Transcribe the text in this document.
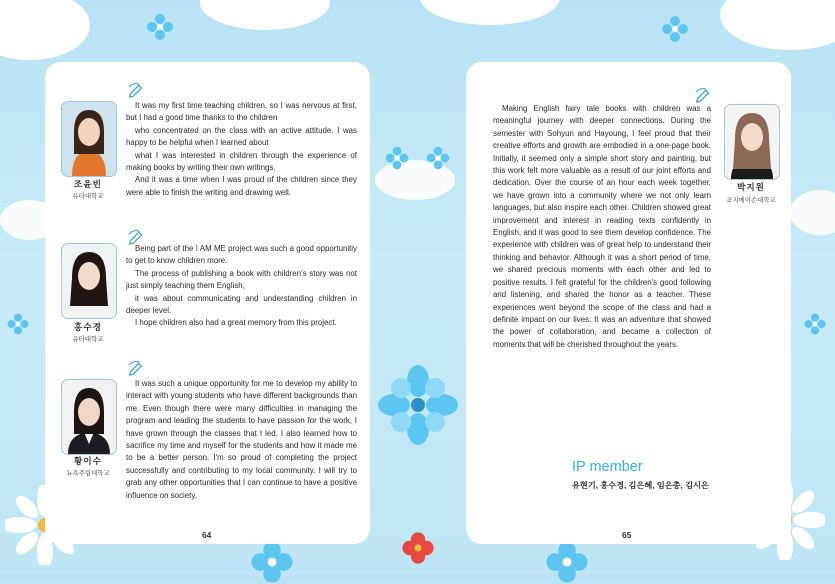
조윤빈
유타대학교

It was my first time teaching children, so I was nervous at first, but I had a good time thanks to the children

who concentrated on the class with an active attitude. I was happy to be helpful when I learned about

what I was interested in children through the experience of making books by writing their own writings.

And it was a time when I was proud of the children since they were able to finish the writing and drawing well.

홍수경
유타대학교

Being part of the I AM ME project was such a good opportunitiy to get to know children more.

The process of publishing a book with children's story was not just simply teaching them English,

it was about communicating and understanding children in deeper level.

I hope children also had a great memory from this project.

황이수
뉴욕주립대학교

It was such a unique opportunity for me to develop my ability to interact with young students who have different backgrounds than me. Even though there were many difficulties in managing the program and leading the students to have passion for the work, I have grown through the classes that I led. I also learned how to sacrifice my time and myself for the students and how it made me to be a better person. I'm so proud of completing the project successfully and contributing to my local community. I will try to grab any other opportunities that I can continue to have a positive influence on society.

64

Making English fairy tale books with children was a meaningful journey with deeper connections. During the semester with Sohyun and Hayoung, I feel proud that their creative efforts and growth are embodied in a one-page book. Initially, it seemed only a simple short story and painting, but this work felt more valuable as a result of our joint efforts and dedication. Over the course of an hour each week together, we have grown into a community where we not only learn languages, but also inspire each other. Children showed great improvement and interest in reading texts confidently in English, and it was good to see them develop confidence. The experience with children was of great help to understand their thinking and behavior. Although it was a short period of time, we shared precious moments with each other and led to positive results. I felt grateful for the children's good following and listening, and shared the honor as a teacher. These experiences went beyond the scope of the class and had a definite impact on our lives. It was an adventure that showed the power of collaboration, and became a collection of moments that will be cherished throughout the years.

박지원
조지메이슨대학교
IP member
유현기, 홍수경, 김은혜, 임은총, 김시은
65
